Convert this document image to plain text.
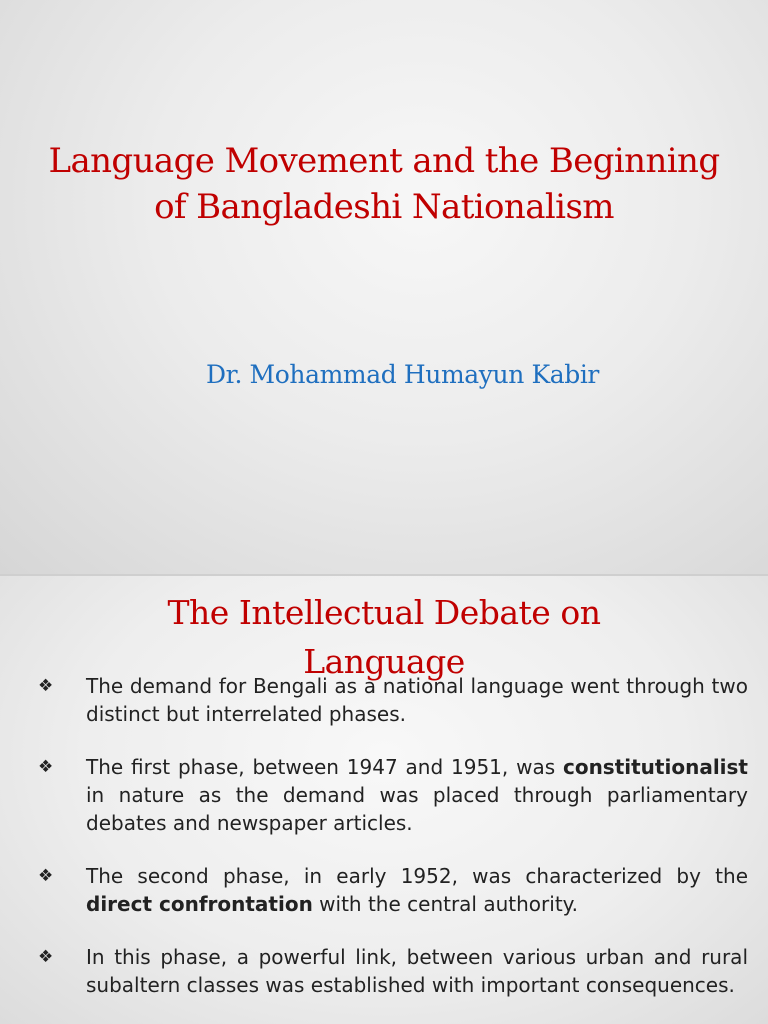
Language Movement and the Beginning
of Bangladeshi Nationalism
Dr. Mohammad Humayun Kabir
The Intellectual Debate on
Language
❖ The demand for Bengali as a national language went through two distinct but interrelated phases.
❖ The first phase, between 1947 and 1951, was constitutionalist in nature as the demand was placed through parliamentary debates and newspaper articles.
❖ The second phase, in early 1952, was characterized by the direct confrontation with the central authority.
❖ In this phase, a powerful link, between various urban and rural subaltern classes was established with important consequences.
